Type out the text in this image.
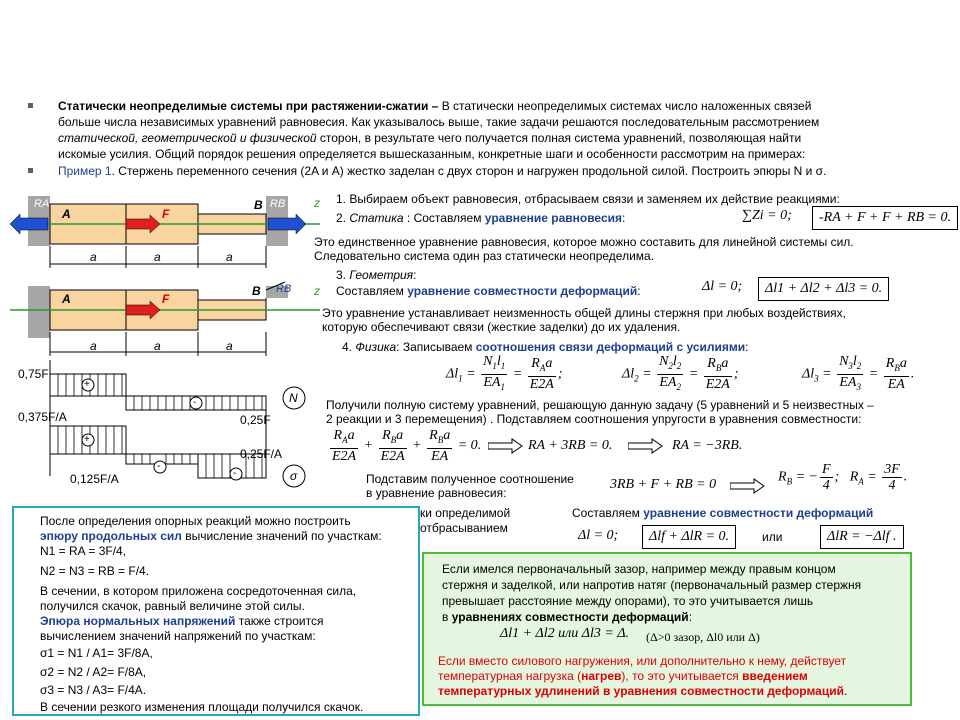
Статически неопределимые системы при растяжении-сжатии – В статически неопределимых системах число наложенных связей
больше числа независимых уравнений равновесия. Как указывалось выше, такие задачи решаются последовательным рассмотрением
статической, геометрической и физической сторон, в результате чего получается полная система уравнений, позволяющая найти
искомые усилия. Общий порядок решения определяется вышесказанным, конкретные шаги и особенности рассмотрим на примерах:
Пример 1. Стержень переменного сечения (2A и A) жестко заделан с двух сторон и нагружен продольной силой. Построить эпюры N и σ.
RA	RB
A
B
F
z
a	a	a
A	F
B RB z
a	a	a
0,75F
0,25F
N
+
-
0,375F/A
0,25F/A
0,125F/A	σ
+
-
-
1. Выбираем объект равновесия, отбрасываем связи и заменяем их действие реакциями:
2. Статика : Составляем уравнение равновесия:	∑Zi = 0;	-RA + F + F + RB = 0.
Это единственное уравнение равновесия, которое можно составить для линейной системы сил.
Следовательно система один раз статически неопределима.
3. Геометрия:
Составляем уравнение совместности деформаций:	Δl = 0;	Δl1 + Δl2 + Δl3 = 0.
Это уравнение устанавливает неизменность общей длины стержня при любых воздействиях,
которую обеспечивают связи (жесткие заделки) до их удаления.
4. Физика: Записываем соотношения связи деформаций с усилиями:
$\Delta l_1 = \frac{N_1l_1}{EA_1} = \frac{R_Aa}{E2A}$ ;	$\Delta l_2 = \frac{N_2l_2}{EA_2} = \frac{R_Ba}{E2A}$ ;	$\Delta l_3 = \frac{N_3l_2}{EA_3} = \frac{R_Ba}{EA}$ .
Получили полную систему уравнений, решающую данную задачу (5 уравнений и 5 неизвестных –
2 реакции и 3 перемещения) . Подставляем соотношения упругости в уравнения совместности:
$\frac{R_Aa}{E2A} + \frac{R_Ba}{E2A} + \frac{R_Ba}{EA} = 0$.	RA + 3RB = 0.	RA = −3RB.
Подставим полученное соотношение
в уравнение равновесия:
3RB + F + RB = 0	$R_B$ = − $\frac{F}{4}$ ;   $R_A = \frac{3F}{4}$ .
ки определимой
отбрасыванием
Составляем уравнение совместности деформаций
Δl = 0;	Δlf + ΔlR = 0.	или	ΔlR = −Δlf .
После определения опорных реакций можно построить
эпюру продольных сил вычисление значений по участкам:
N1 = RA = 3F/4,
N2 = N3 = RB = F/4.
В сечении, в котором приложена сосредоточенная сила,
получился скачок, равный величине этой силы.
Эпюра нормальных напряжений также строится
вычислением значений напряжений по участкам:
σ1 = N1 / A1= 3F/8A,
σ2 = N2 / A2= F/8A,
σ3 = N3 / A3= F/4A.
В сечении резкого изменения площади получился скачок.
Если имелся первоначальный зазор, например между правым концом
стержня и заделкой, или напротив натяг (первоначальный размер стержня
превышает расстояние между опорами), то это учитывается лишь
в уравнениях совместности деформаций:
Δl1 + Δl2 или Δl3 = Δ. (Δ>0 зазор, Δl0 или Δ)
Если вместо силового нагружения, или дополнительно к нему, действует
температурная нагрузка (нагрев), то это учитывается введением
температурных удлинений в уравнения совместности деформаций.
